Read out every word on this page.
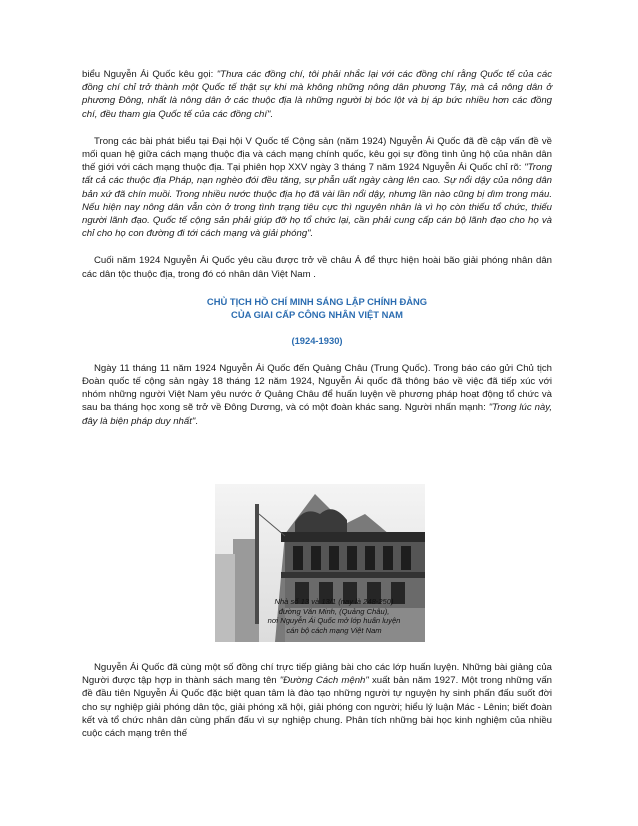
biểu Nguyễn Ái Quốc kêu gọi: "Thưa các đồng chí, tôi phải nhắc lại với các đồng chí rằng Quốc tế của các đồng chí chỉ trở thành một Quốc tế thật sự khi mà không những nông dân phương Tây, mà cả nông dân ở phương Đông, nhất là nông dân ở các thuộc địa là những người bị bóc lột và bị áp bức nhiều hơn các đồng chí, đều tham gia Quốc tế của các đồng chí".

Trong các bài phát biểu tại Đại hội V Quốc tế Cộng sản (năm 1924) Nguyễn Ái Quốc đã đề cập vấn đề về mối quan hệ giữa cách mạng thuộc địa và cách mạng chính quốc, kêu gọi sự đồng tình ủng hộ của nhân dân thế giới với cách mạng thuộc địa. Tại phiên họp XXV ngày 3 tháng 7 năm 1924 Nguyễn Ái Quốc chỉ rõ: "Trong tất cả các thuộc địa Pháp, nạn nghèo đói đều tăng, sự phẫn uất ngày càng lên cao. Sự nổi dậy của nông dân bản xứ đã chín muồi. Trong nhiều nước thuộc địa họ đã vài lần nổi dậy, nhưng lần nào cũng bị dìm trong máu. Nếu hiện nay nông dân vẫn còn ở trong tình trạng tiêu cực thì nguyên nhân là vì họ còn thiếu tổ chức, thiếu người lãnh đạo. Quốc tế cộng sản phải giúp đỡ họ tổ chức lại, cần phải cung cấp cán bộ lãnh đạo cho họ và chỉ cho họ con đường đi tới cách mạng và giải phóng".

Cuối năm 1924 Nguyễn Ái Quốc yêu cầu được trở về châu Á để thực hiện hoài bão giải phóng nhân dân các dân tộc thuộc địa, trong đó có nhân dân Việt Nam .

CHỦ TỊCH HỒ CHÍ MINH SÁNG LẬP CHÍNH ĐẢNG
CỦA GIAI CẤP CÔNG NHÂN VIỆT NAM
(1924-1930)

Ngày 11 tháng 11 năm 1924 Nguyễn Ái Quốc đến Quảng Châu (Trung Quốc). Trong báo cáo gửi Chủ tịch Đoàn quốc tế cộng sản ngày 18 tháng 12 năm 1924, Nguyễn Ái quốc đã thông báo về việc đã tiếp xúc với nhóm những người Việt Nam yêu nước ở Quảng Châu để huấn luyện về phương pháp hoạt động tổ chức và sau ba tháng học xong sẽ trở về Đông Dương, và có một đoàn khác sang. Người nhấn mạnh: "Trong lúc này, đây là biện pháp duy nhất".

Nhà số 13 và 13/1 (nay là 248-250)
đường Văn Minh, (Quảng Châu),
nơi Nguyễn Ái Quốc mở lớp huấn luyện
cán bộ cách mạng Việt Nam

Nguyễn Ái Quốc đã cùng một số đồng chí trực tiếp giảng bài cho các lớp huấn luyện. Những bài giảng của Người được tập hợp in thành sách mang tên "Đường Cách mệnh" xuất bản năm 1927. Một trong những vấn đề đầu tiên Nguyễn Ái Quốc đặc biệt quan tâm là đào tạo những người tự nguyện hy sinh phấn đấu suốt đời cho sự nghiệp giải phóng dân tộc, giải phóng xã hội, giải phóng con người; hiểu lý luận Mác - Lênin; biết đoàn kết và tổ chức nhân dân cùng phấn đấu vì sự nghiệp chung. Phân tích những bài học kinh nghiệm của nhiều cuộc cách mạng trên thế
